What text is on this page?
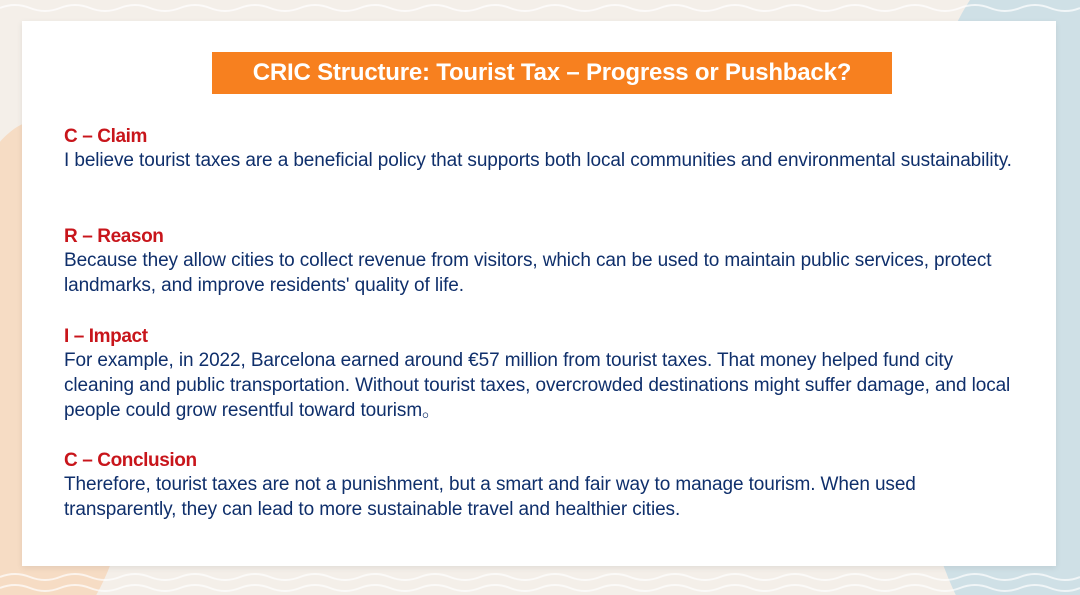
CRIC Structure: Tourist Tax – Progress or Pushback?
C – Claim
I believe tourist taxes are a beneficial policy that supports both local communities and environmental sustainability.
R – Reason
Because they allow cities to collect revenue from visitors, which can be used to maintain public services, protect landmarks, and improve residents' quality of life.
I – Impact
For example, in 2022, Barcelona earned around €57 million from tourist taxes. That money helped fund city cleaning and public transportation. Without tourist taxes, overcrowded destinations might suffer damage, and local people could grow resentful toward tourism。
C – Conclusion
Therefore, tourist taxes are not a punishment, but a smart and fair way to manage tourism. When used transparently, they can lead to more sustainable travel and healthier cities.
